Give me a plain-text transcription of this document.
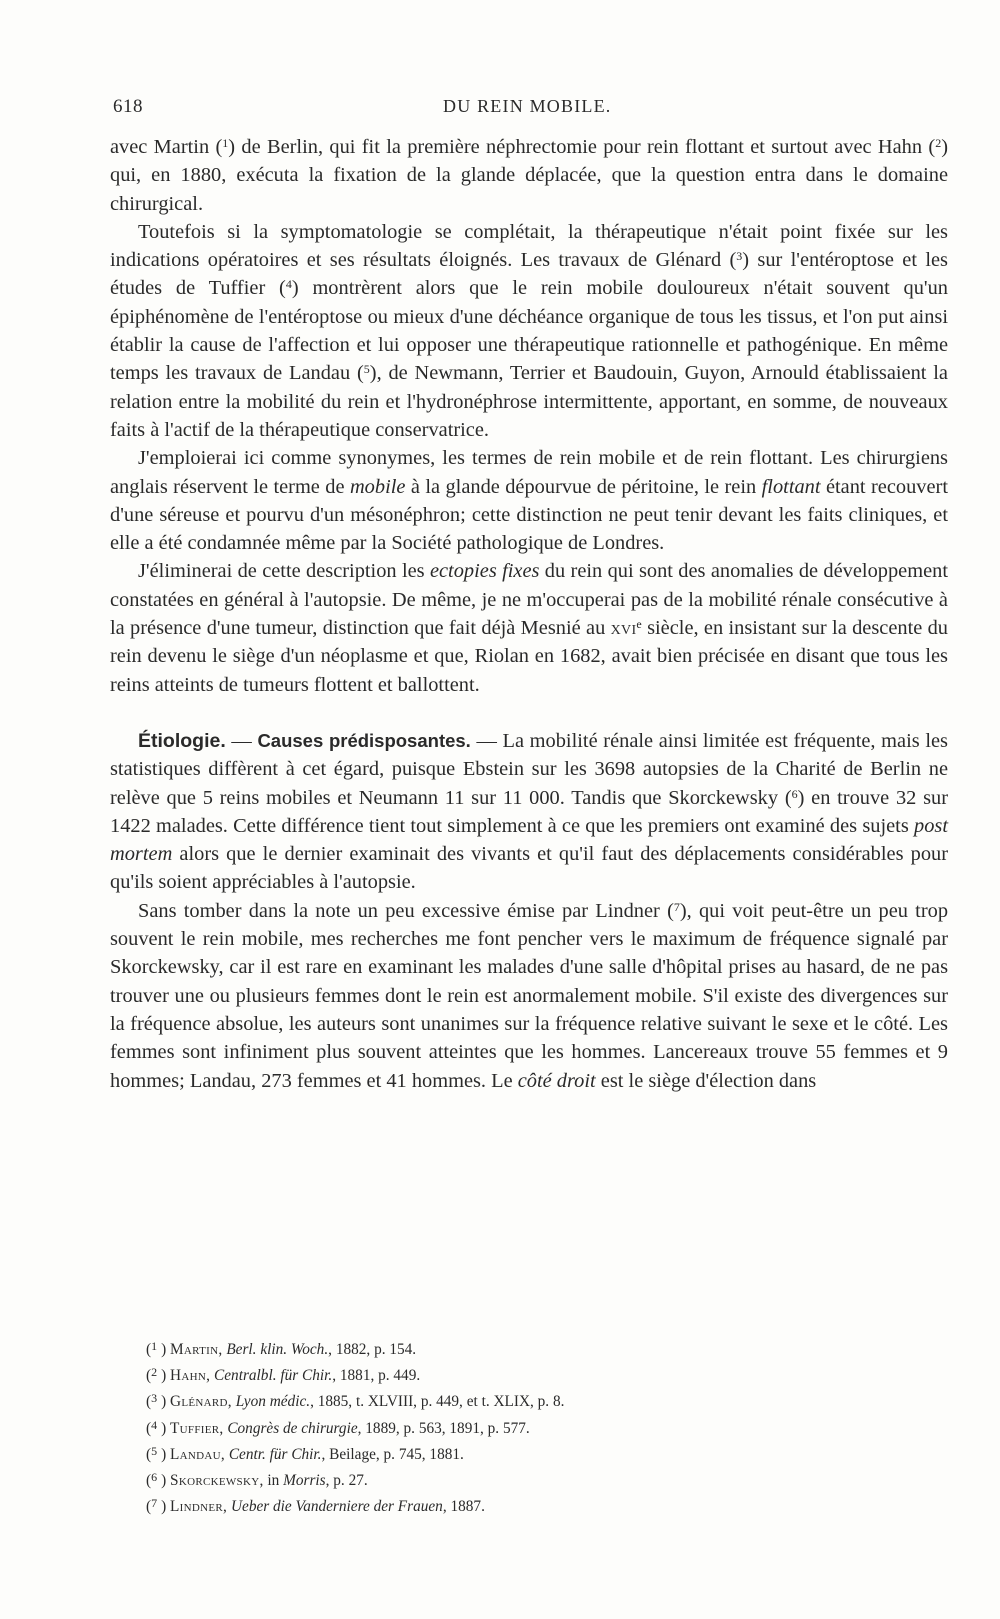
618	DU REIN MOBILE.

avec Martin ($^1$) de Berlin, qui fit la première néphrectomie pour rein flottant et surtout avec Hahn ($^2$) qui, en 1880, exécuta la fixation de la glande déplacée, que la question entra dans le domaine chirurgical.

Toutefois si la symptomatologie se complétait, la thérapeutique n'était point fixée sur les indications opératoires et ses résultats éloignés. Les travaux de Glénard ($^3$) sur l'entéroptose et les études de Tuffier ($^4$) montrèrent alors que le rein mobile douloureux n'était souvent qu'un épiphénomène de l'entéroptose ou mieux d'une déchéance organique de tous les tissus, et l'on put ainsi établir la cause de l'affection et lui opposer une thérapeutique rationnelle et pathogénique. En même temps les travaux de Landau ($^5$), de Newmann, Terrier et Baudouin, Guyon, Arnould établissaient la relation entre la mobilité du rein et l'hydronéphrose intermittente, apportant, en somme, de nouveaux faits à l'actif de la thérapeutique conservatrice.

J'emploierai ici comme synonymes, les termes de rein mobile et de rein flottant. Les chirurgiens anglais réservent le terme de mobile à la glande dépourvue de péritoine, le rein flottant étant recouvert d'une séreuse et pourvu d'un mésonéphron; cette distinction ne peut tenir devant les faits cliniques, et elle a été condamnée même par la Société pathologique de Londres.

J'éliminerai de cette description les ectopies fixes du rein qui sont des anomalies de développement constatées en général à l'autopsie. De même, je ne m'occuperai pas de la mobilité rénale consécutive à la présence d'une tumeur, distinction que fait déjà Mesnié au xvi$^e$ siècle, en insistant sur la descente du rein devenu le siège d'un néoplasme et que, Riolan en 1682, avait bien précisée en disant que tous les reins atteints de tumeurs flottent et ballottent.

Étiologie. — Causes prédisposantes. — La mobilité rénale ainsi limitée est fréquente, mais les statistiques diffèrent à cet égard, puisque Ebstein sur les 3698 autopsies de la Charité de Berlin ne relève que 5 reins mobiles et Neumann 11 sur 11 000. Tandis que Skorckewsky ($^6$) en trouve 32 sur 1422 malades. Cette différence tient tout simplement à ce que les premiers ont examiné des sujets post mortem alors que le dernier examinait des vivants et qu'il faut des déplacements considérables pour qu'ils soient appréciables à l'autopsie.

Sans tomber dans la note un peu excessive émise par Lindner ($^7$), qui voit peut-être un peu trop souvent le rein mobile, mes recherches me font pencher vers le maximum de fréquence signalé par Skorckewsky, car il est rare en examinant les malades d'une salle d'hôpital prises au hasard, de ne pas trouver une ou plusieurs femmes dont le rein est anormalement mobile. S'il existe des divergences sur la fréquence absolue, les auteurs sont unanimes sur la fréquence relative suivant le sexe et le côté. Les femmes sont infiniment plus souvent atteintes que les hommes. Lancereaux trouve 55 femmes et 9 hommes; Landau, 273 femmes et 41 hommes. Le côté droit est le siège d'élection dans

($^1$ ) Martin, Berl. klin. Woch., 1882, p. 154.
($^2$ ) Hahn, Centralbl. für Chir., 1881, p. 449.
($^3$ ) Glénard, Lyon médic., 1885, t. XLVIII, p. 449, et t. XLIX, p. 8.
($^4$ ) Tuffier, Congrès de chirurgie, 1889, p. 563, 1891, p. 577.
($^5$ ) Landau, Centr. für Chir., Beilage, p. 745, 1881.
($^6$ ) Skorckewsky, in Morris, p. 27.
($^7$ ) Lindner, Ueber die Vanderniere der Frauen, 1887.
